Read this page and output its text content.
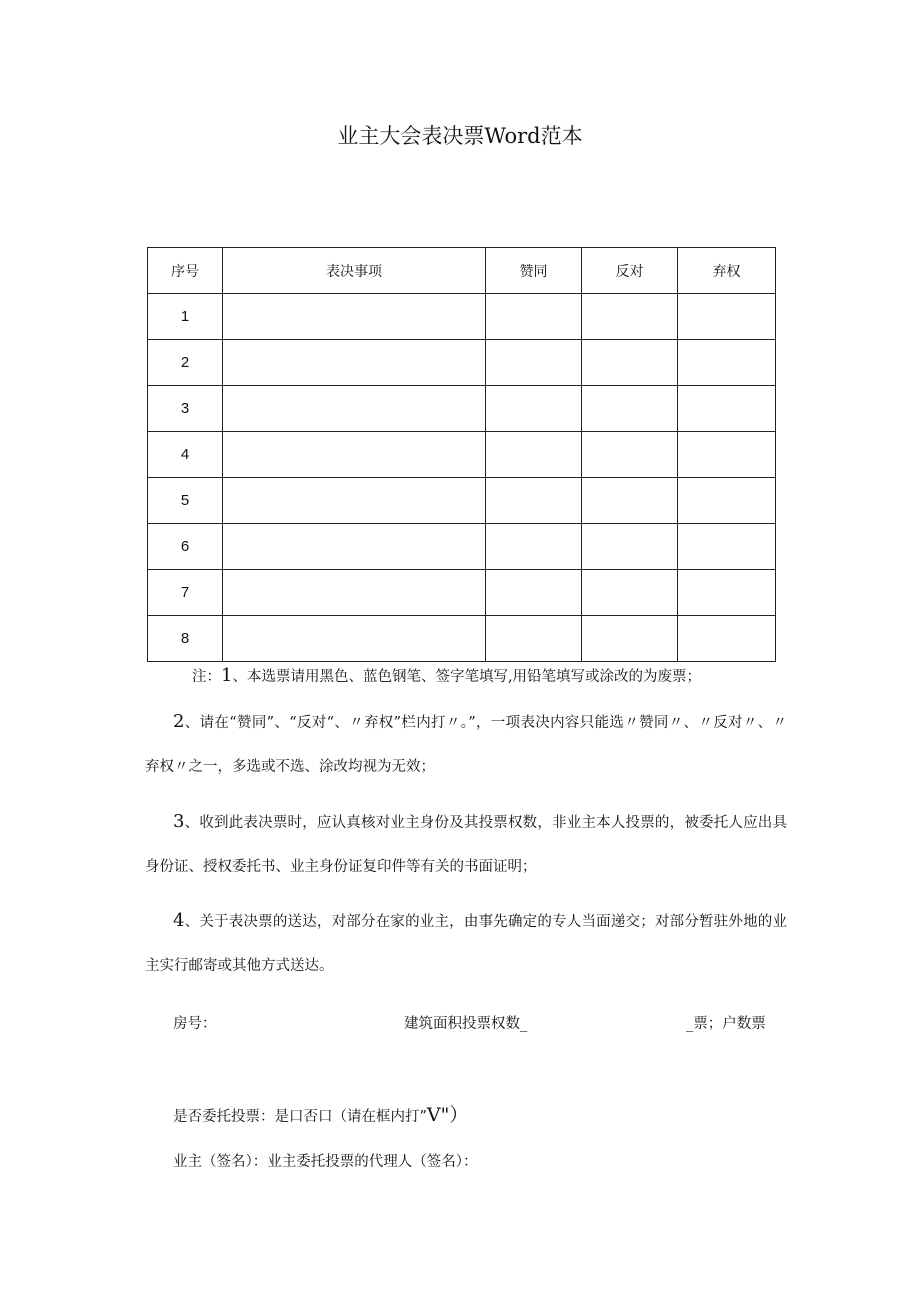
业主大会表决票Word范本
序号	表决事项	赞同	反对	弃权
1				
2				
3				
4				
5				
6				
7				
8				
注：1、本选票请用黑色、蓝色钢笔、签字笔填写,用铅笔填写或涂改的为废票；
2、请在“赞同”、“反对“、〃弃权”栏内打〃。”，一项表决内容只能选〃赞同〃、〃反对〃、〃弃权〃之一，多选或不选、涂改均视为无效；
3、收到此表决票时，应认真核对业主身份及其投票权数，非业主本人投票的，被委托人应出具身份证、授权委托书、业主身份证复印件等有关的书面证明；
4、关于表决票的送达，对部分在家的业主，由事先确定的专人当面递交；对部分暂驻外地的业主实行邮寄或其他方式送达。
房号：	建筑面积投票权数_	_票；户数票
是否委托投票：是口否口（请在框内打”V"）
业主（签名）：业主委托投票的代理人（签名）：
